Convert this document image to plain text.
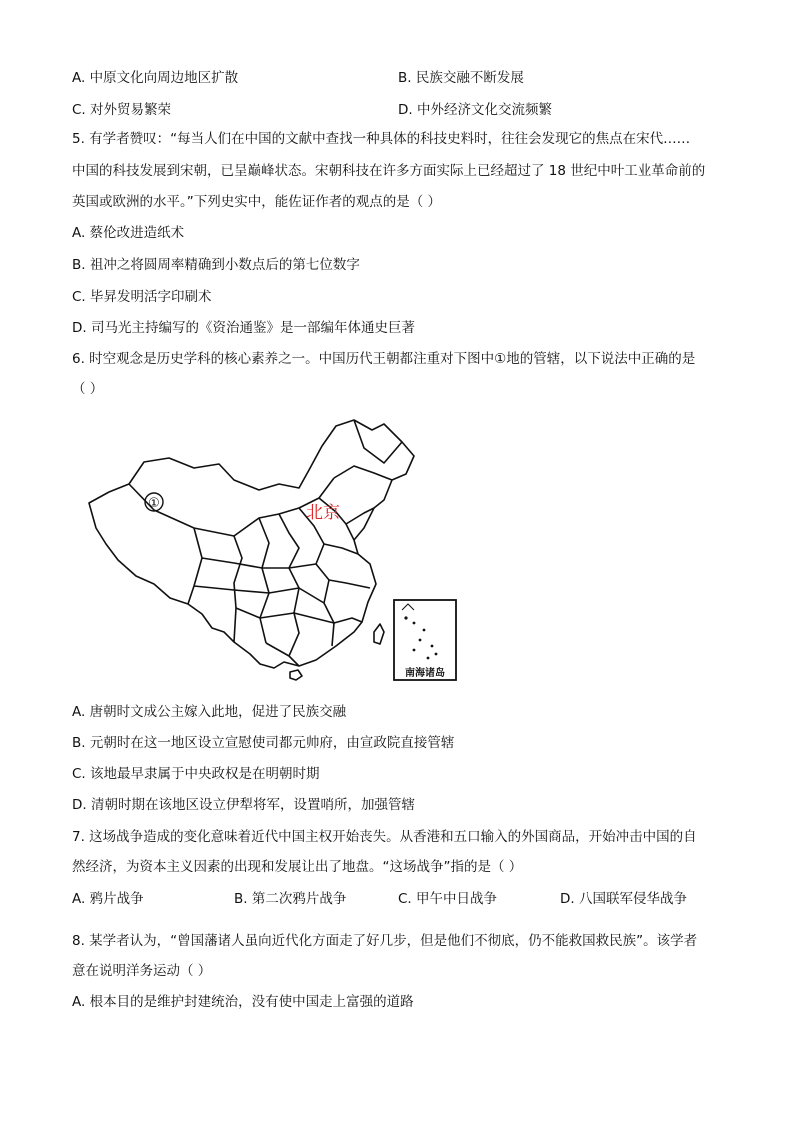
A. 中原文化向周边地区扩散	B. 民族交融不断发展
C. 对外贸易繁荣	D. 中外经济文化交流频繁
5. 有学者赞叹：“每当人们在中国的文献中查找一种具体的科技史料时，往往会发现它的焦点在宋代……
中国的科技发展到宋朝，已呈巅峰状态。宋朝科技在许多方面实际上已经超过了 18 世纪中叶工业革命前的
英国或欧洲的水平。”下列史实中，能佐证作者的观点的是（ ）
A. 蔡伦改进造纸术
B. 祖冲之将圆周率精确到小数点后的第七位数字
C. 毕昇发明活字印刷术
D. 司马光主持编写的《资治通鉴》是一部编年体通史巨著
6. 时空观念是历史学科的核心素养之一。中国历代王朝都注重对下图中①地的管辖，以下说法中正确的是
（ ）
①	北京
南海诸岛
A. 唐朝时文成公主嫁入此地，促进了民族交融
B. 元朝时在这一地区设立宣慰使司都元帅府，由宣政院直接管辖
C. 该地最早隶属于中央政权是在明朝时期
D. 清朝时期在该地区设立伊犁将军，设置哨所，加强管辖
7. 这场战争造成的变化意味着近代中国主权开始丧失。从香港和五口输入的外国商品，开始冲击中国的自
然经济，为资本主义因素的出现和发展让出了地盘。“这场战争”指的是（ ）
A. 鸦片战争	B. 第二次鸦片战争	C. 甲午中日战争	D. 八国联军侵华战争
8. 某学者认为，“曾国藩诸人虽向近代化方面走了好几步，但是他们不彻底，仍不能救国救民族”。该学者
意在说明洋务运动（ ）
A. 根本目的是维护封建统治，没有使中国走上富强的道路
